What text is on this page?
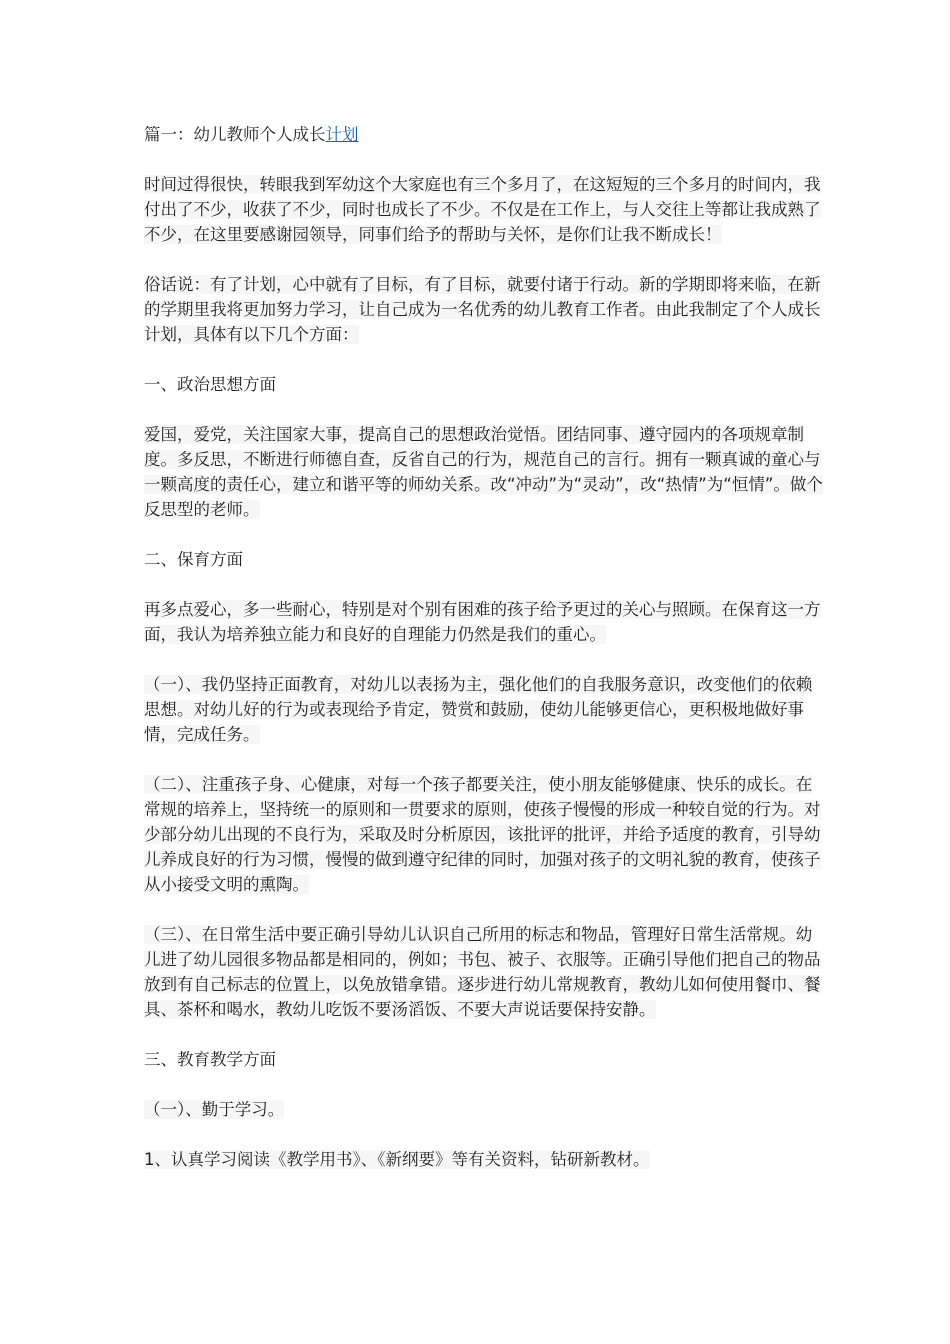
篇一：幼儿教师个人成长计划

时间过得很快，转眼我到军幼这个大家庭也有三个多月了，在这短短的三个多月的时间内，我付出了不少，收获了不少，同时也成长了不少。不仅是在工作上，与人交往上等都让我成熟了不少，在这里要感谢园领导，同事们给予的帮助与关怀，是你们让我不断成长！

俗话说：有了计划，心中就有了目标，有了目标，就要付诸于行动。新的学期即将来临，在新的学期里我将更加努力学习，让自己成为一名优秀的幼儿教育工作者。由此我制定了个人成长计划，具体有以下几个方面：

一、政治思想方面

爱国，爱党，关注国家大事，提高自己的思想政治觉悟。团结同事、遵守园内的各项规章制度。多反思，不断进行师德自查，反省自己的行为，规范自己的言行。拥有一颗真诚的童心与一颗高度的责任心，建立和谐平等的师幼关系。改“冲动”为“灵动”，改“热情”为“恒情”。做个反思型的老师。

二、保育方面

再多点爱心，多一些耐心，特别是对个别有困难的孩子给予更过的关心与照顾。在保育这一方面，我认为培养独立能力和良好的自理能力仍然是我们的重心。

（一）、我仍坚持正面教育，对幼儿以表扬为主，强化他们的自我服务意识，改变他们的依赖思想。对幼儿好的行为或表现给予肯定，赞赏和鼓励，使幼儿能够更信心，更积极地做好事情，完成任务。

（二）、注重孩子身、心健康，对每一个孩子都要关注，使小朋友能够健康、快乐的成长。在常规的培养上，坚持统一的原则和一贯要求的原则，使孩子慢慢的形成一种较自觉的行为。对少部分幼儿出现的不良行为，采取及时分析原因，该批评的批评，并给予适度的教育，引导幼儿养成良好的行为习惯，慢慢的做到遵守纪律的同时，加强对孩子的文明礼貌的教育，使孩子从小接受文明的熏陶。

（三）、在日常生活中要正确引导幼儿认识自己所用的标志和物品，管理好日常生活常规。幼儿进了幼儿园很多物品都是相同的，例如；书包、被子、衣服等。正确引导他们把自己的物品放到有自己标志的位置上，以免放错拿错。逐步进行幼儿常规教育，教幼儿如何使用餐巾、餐具、茶杯和喝水，教幼儿吃饭不要汤滔饭、不要大声说话要保持安静。

三、教育教学方面

（一）、勤于学习。

1、认真学习阅读《教学用书》、《新纲要》等有关资料，钻研新教材。
